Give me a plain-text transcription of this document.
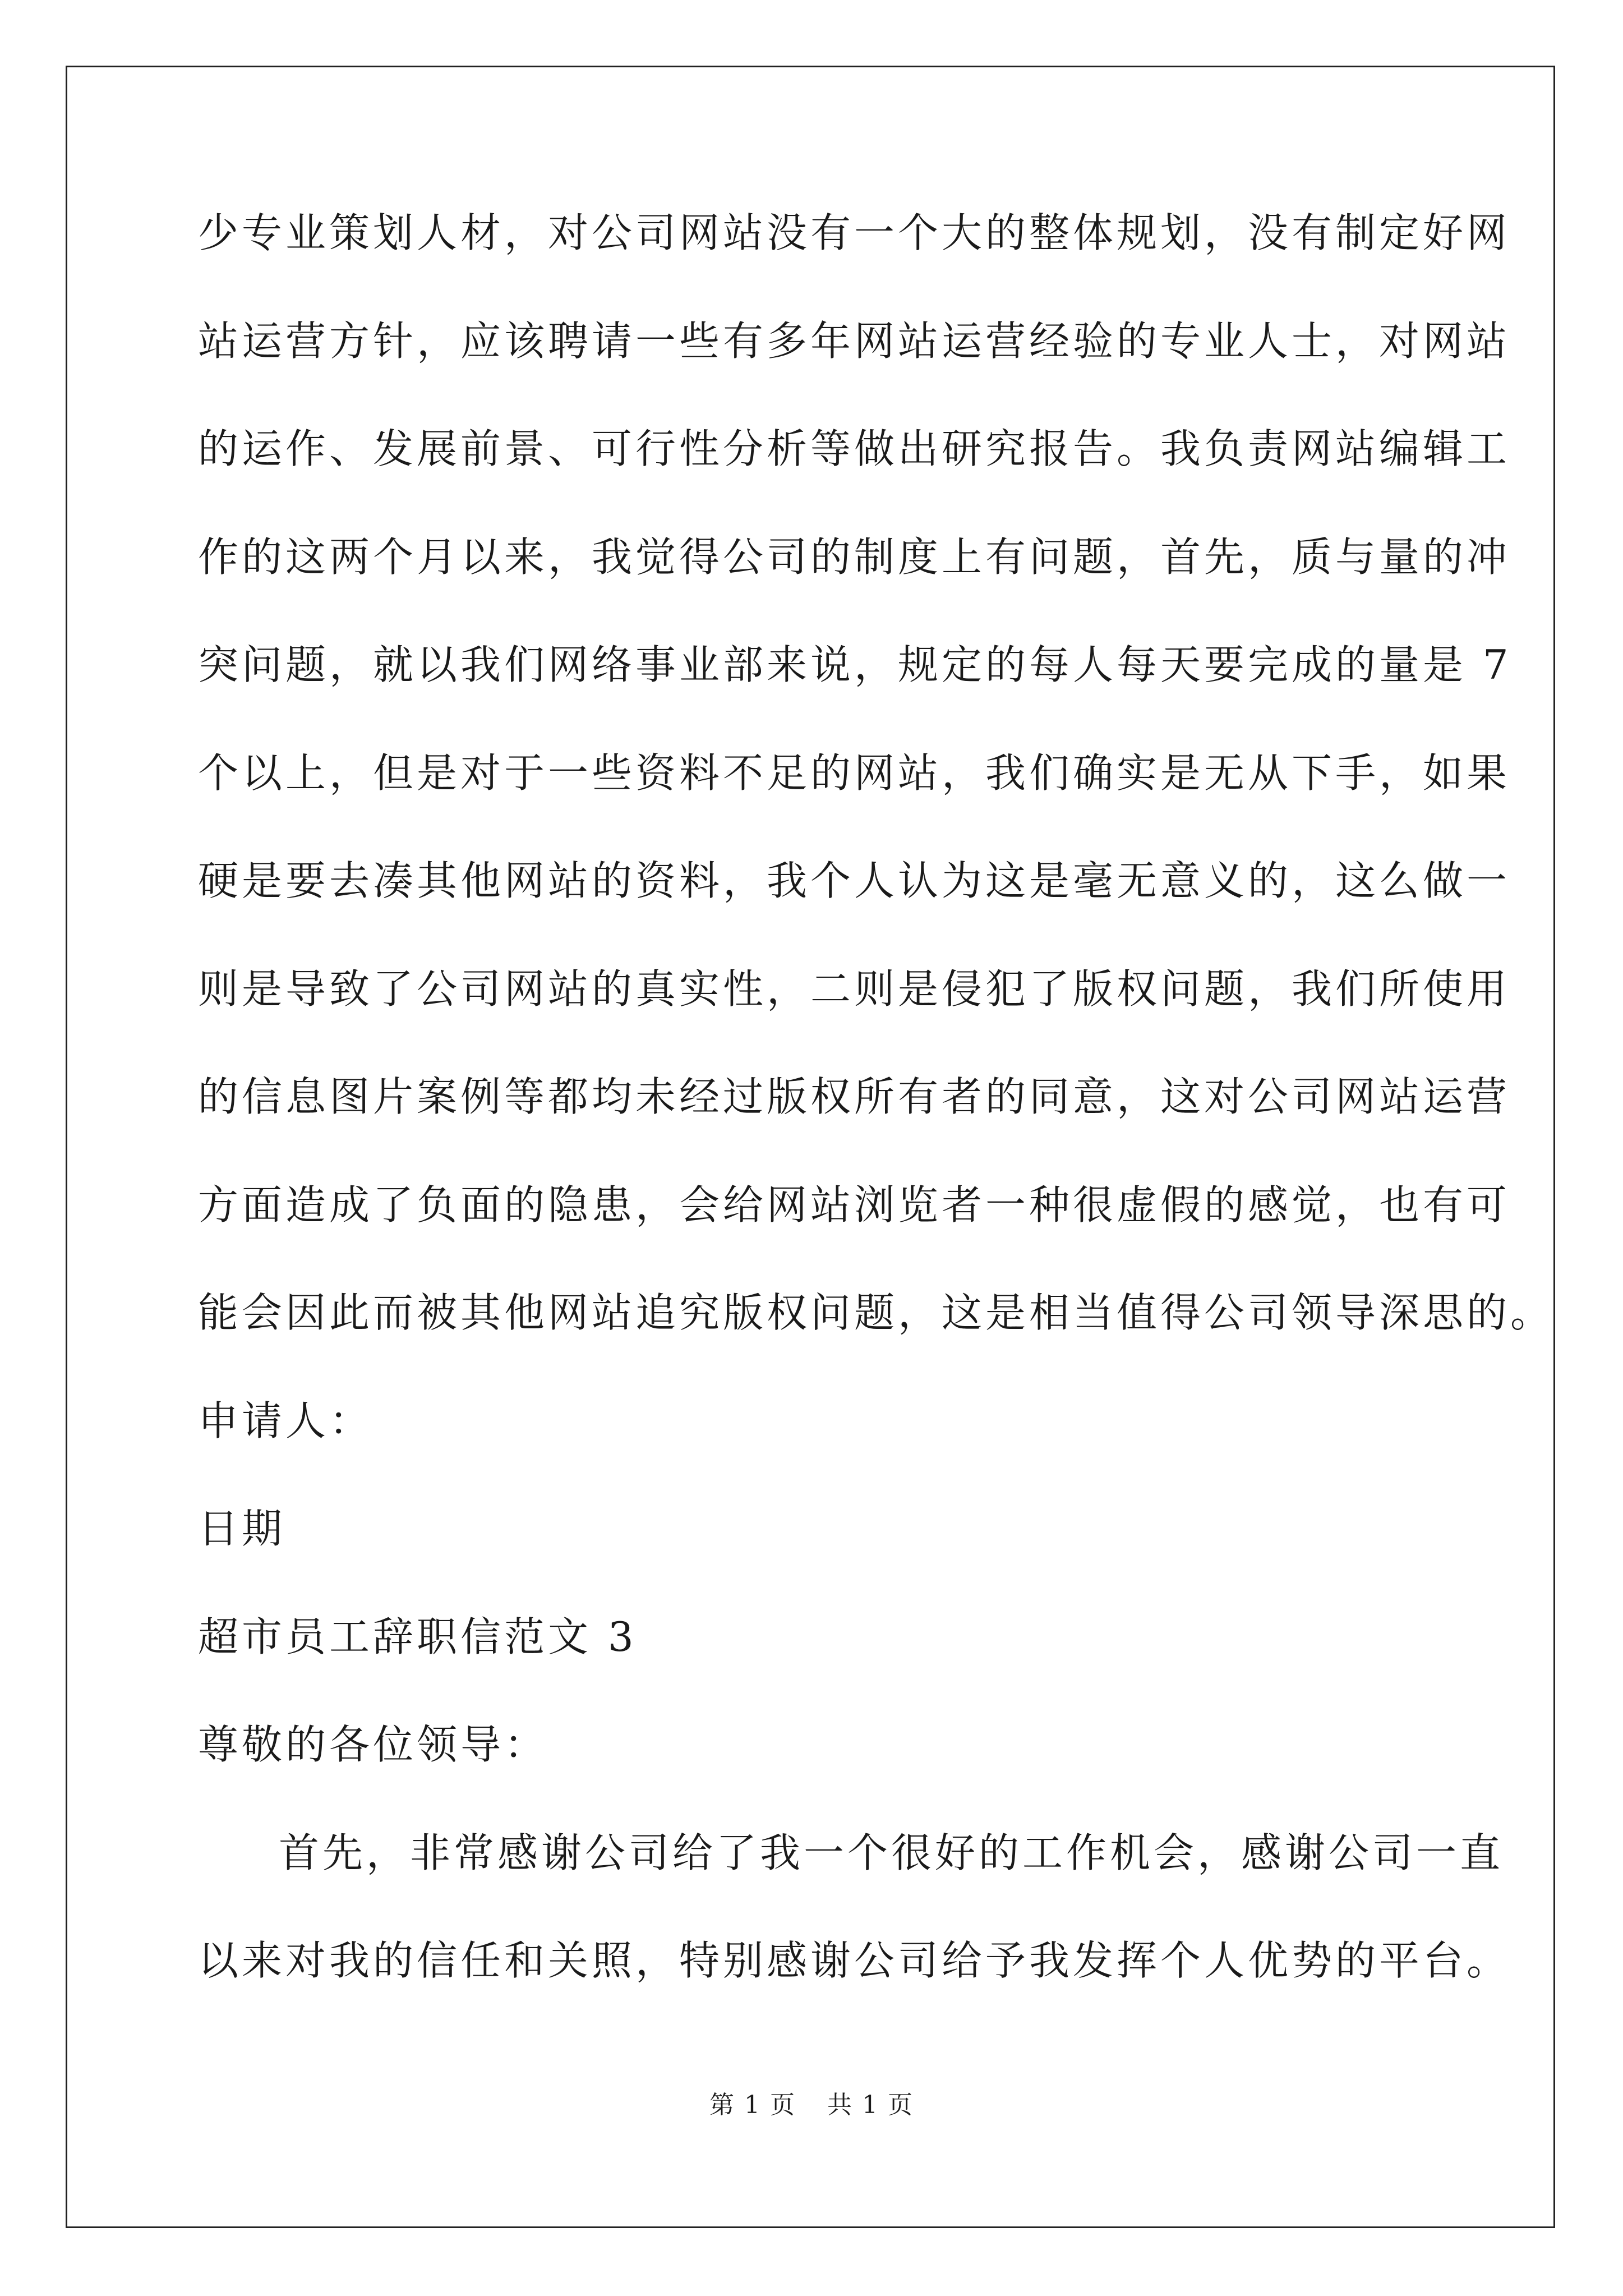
少专业策划人材，对公司网站没有一个大的整体规划，没有制定好网
站运营方针，应该聘请一些有多年网站运营经验的专业人士，对网站
的运作、发展前景、可行性分析等做出研究报告。我负责网站编辑工
作的这两个月以来，我觉得公司的制度上有问题，首先，质与量的冲
突问题，就以我们网络事业部来说，规定的每人每天要完成的量是 7
个以上，但是对于一些资料不足的网站，我们确实是无从下手，如果
硬是要去凑其他网站的资料，我个人认为这是毫无意义的，这么做一
则是导致了公司网站的真实性，二则是侵犯了版权问题，我们所使用
的信息图片案例等都均未经过版权所有者的同意，这对公司网站运营
方面造成了负面的隐患，会给网站浏览者一种很虚假的感觉，也有可
能会因此而被其他网站追究版权问题，这是相当值得公司领导深思的。
申请人：
日期
超市员工辞职信范文 3
尊敬的各位领导：
首先，非常感谢公司给了我一个很好的工作机会，感谢公司一直
以来对我的信任和关照，特别感谢公司给予我发挥个人优势的平台。
第 1 页 共 1 页
